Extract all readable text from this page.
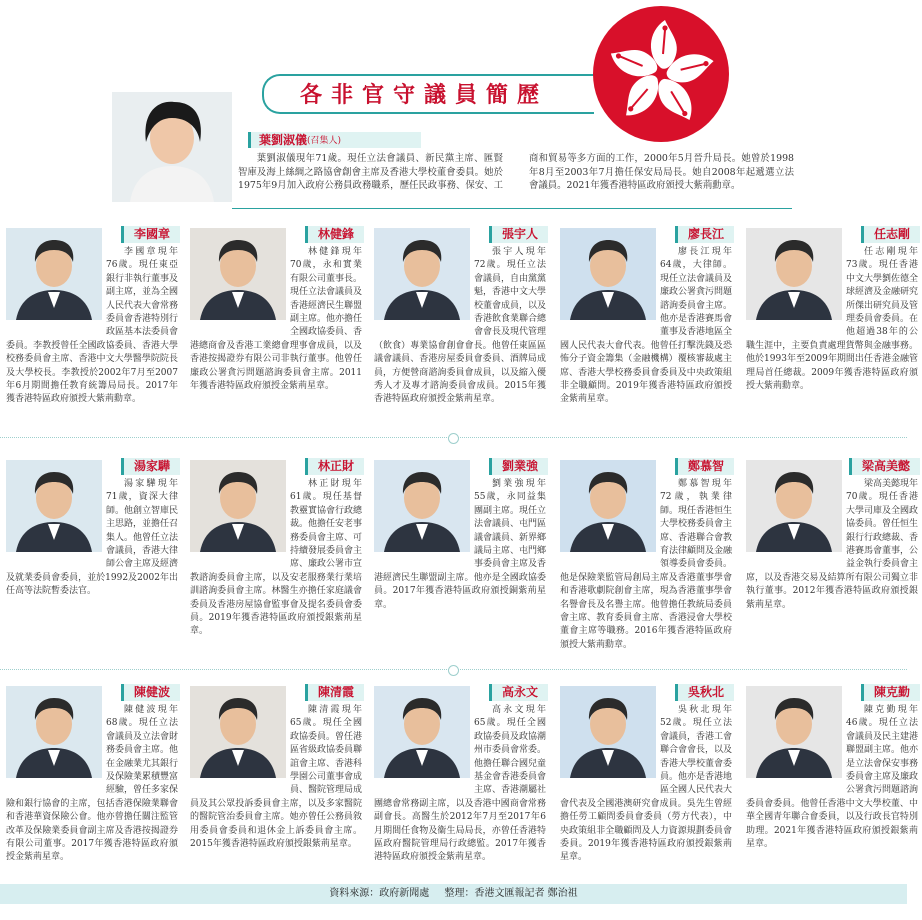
各非官守議員簡歷
葉劉淑儀 (召集人)
葉劉淑儀現年71歲。現任立法會議員、新民黨主席、匯賢智庫及海上絲綢之路協會創會主席及香港大學校董會委員。她於1975年9月加入政府公務員政務職系，歷任民政事務、保安、工商和貿易等多方面的工作，2000年5月晉升局長。她曾於1998年8月至2003年7月擔任保安局局長。她自2008年起遞選立法會議員。2021年獲香港特區政府頒授大紫荊勳章。

李國章現年76歲。現任東亞銀行非執行董事及副主席，並為全國人民代表大會常務委員會香港特別行政區基本法委員會委員。李教授曾任全國政協委員、香港大學校務委員會主席、香港中文大學醫學院院長及大學校長。李教授於2002年7月至2007年6月期間擔任教育統籌局局長。2017年獲香港特區政府頒授大紫荊勳章。

李國章

林健鋒現年70歲，永和實業有限公司董事長。現任立法會議員及香港經濟民生聯盟副主席。他亦擔任全國政協委員、香港總商會及香港工業總會理事會成員，以及香港按揭證券有限公司非執行董事。他曾任廉政公署貪污問題諮詢委員會主席。2011年獲香港特區政府頒授金紫荊星章。

林健鋒

張宇人現年72歲。現任立法會議員，自由黨黨魁，香港中文大學校董會成員，以及香港飲食業聯合總會會長及現代管理（飲食）專業協會創會會長。他曾任東區區議會議員、香港房屋委員會委員、酒牌局成員，方便營商諮詢委員會成員，以及縮入優秀人才及專才諮詢委員會成員。2015年獲香港特區政府頒授金紫荊星章。

張宇人

廖長江現年64歲，大律師。現任立法會議員及廉政公署貪污問題諮詢委員會主席。他亦是香港賽馬會董事及香港地區全國人民代表大會代表。他曾任打擊洗錢及恐怖分子資金籌集（金融機構）覆核審裁處主席、香港大學校務委員會委員及中央政策組非全職顧問。2019年獲香港特區政府頒授金紫荊星章。

廖長江

任志剛現年73歲。現任香港中文大學劉佐德全球經濟及金融研究所傑出研究員及管理委員會委員。在他超過38年的公職生涯中，主要負責處理貨幣與金融事務。他於1993年至2009年期間出任香港金融管理局首任總裁。2009年獲香港特區政府頒授大紫荊勳章。

任志剛

湯家驊現年71歲，資深大律師。他創立智庫民主思路，並擔任召集人。他曾任立法會議員，香港大律師公會主席及經濟及就業委員會委員，並於1992及2002年出任高等法院暫委法官。

湯家驊

林正財現年61歲。現任基督教靈實協會行政總裁。他擔任安老事務委員會主席、可持續發展委員會主席、廉政公署市宣教諮詢委員會主席，以及安老服務業行業培訓諮詢委員會主席。林醫生亦擔任家庭議會委員及香港房屋協會監事會及提名委員會委員。2019年獲香港特區政府頒授銀紫荊星章。

林正財

劉業強現年55歲，永同益集團副主席。現任立法會議員、屯門區議會議員、新界鄉議局主席、屯門鄉事委員會主席及香港經濟民生聯盟副主席。他亦是全國政協委員。2017年獲香港特區政府頒授銅紫荊星章。

劉業強

鄭慕智現年72歲，執業律師。現任香港恒生大學校務委員會主席、香港聯合會教育法律顧問及金融領導委員會委員。他是保險業監管局創局主席及香港董事學會和香港歌劇院創會主席，現為香港董事學會名譽會長及名譽主席。他曾擔任教統局委員會主席、教育委員會主席、香港浸會大學校董會主席等職務。2016年獲香港特區政府頒授大紫荊勳章。

鄭慕智

梁高美懿現年70歲。現任香港大學司庫及全國政協委員。曾任恒生銀行行政總裁、香港賽馬會董事，公益金執行委員會主席，以及香港交易及結算所有限公司獨立非執行董事。2012年獲香港特區政府頒授銀紫荊星章。

梁高美懿

陳健波現年68歲。現任立法會議員及立法會財務委員會主席。他在金融業尤其銀行及保險業累積豐富經驗，曾任多家保險和銀行協會的主席，包括香港保險業聯會和香港華資保險公會。他亦曾擔任關注監管改革及保險業委員會副主席及香港按揭證券有限公司董事。2017年獲香港特區政府頒授金紫荊星章。

陳健波

陳清霞現年65歲。現任全國政協委員。曾任港區省級政協委員聯誼會主席、香港科學園公司董事會成員、醫院管理局成員及其公眾投訴委員會主席，以及多家醫院的醫院管治委員會主席。她亦曾任公務員敘用委員會委員和退休金上訴委員會主席。2015年獲香港特區政府頒授銀紫荊星章。

陳清霞

高永文現年65歲。現任全國政協委員及政協潮州市委員會常委。他擔任聯合國兒童基金會香港委員會主席、香港潮屬社團總會常務副主席，以及香港中國商會常務副會長。高醫生於2012年7月至2017年6月期間任食物及衞生局局長，亦曾任香港特區政府醫院管理局行政總監。2017年獲香港特區政府頒授金紫荊星章。

高永文

吳秋北現年52歲。現任立法會議員，香港工會聯合會會長，以及香港大學校董會委員。他亦是香港地區全國人民代表大會代表及全國港澳研究會成員。吳先生曾經擔任勞工顧問委員會委員（勞方代表），中央政策組非全職顧問及人力資源規劃委員會委員。2019年獲香港特區政府頒授銀紫荊星章。

吳秋北

陳克勤現年46歲。現任立法會議員及民主建港聯盟副主席。他亦是立法會保安事務委員會主席及廉政公署貪污問題諮詢委員會委員。他曾任香港中文大學校董、中華全國青年聯合會委員，以及行政長官特別助理。2021年獲香港特區政府頒授銀紫荊星章。

陳克勤
資料來源：政府新聞處 整理：香港文匯報記者 鄭治祖
